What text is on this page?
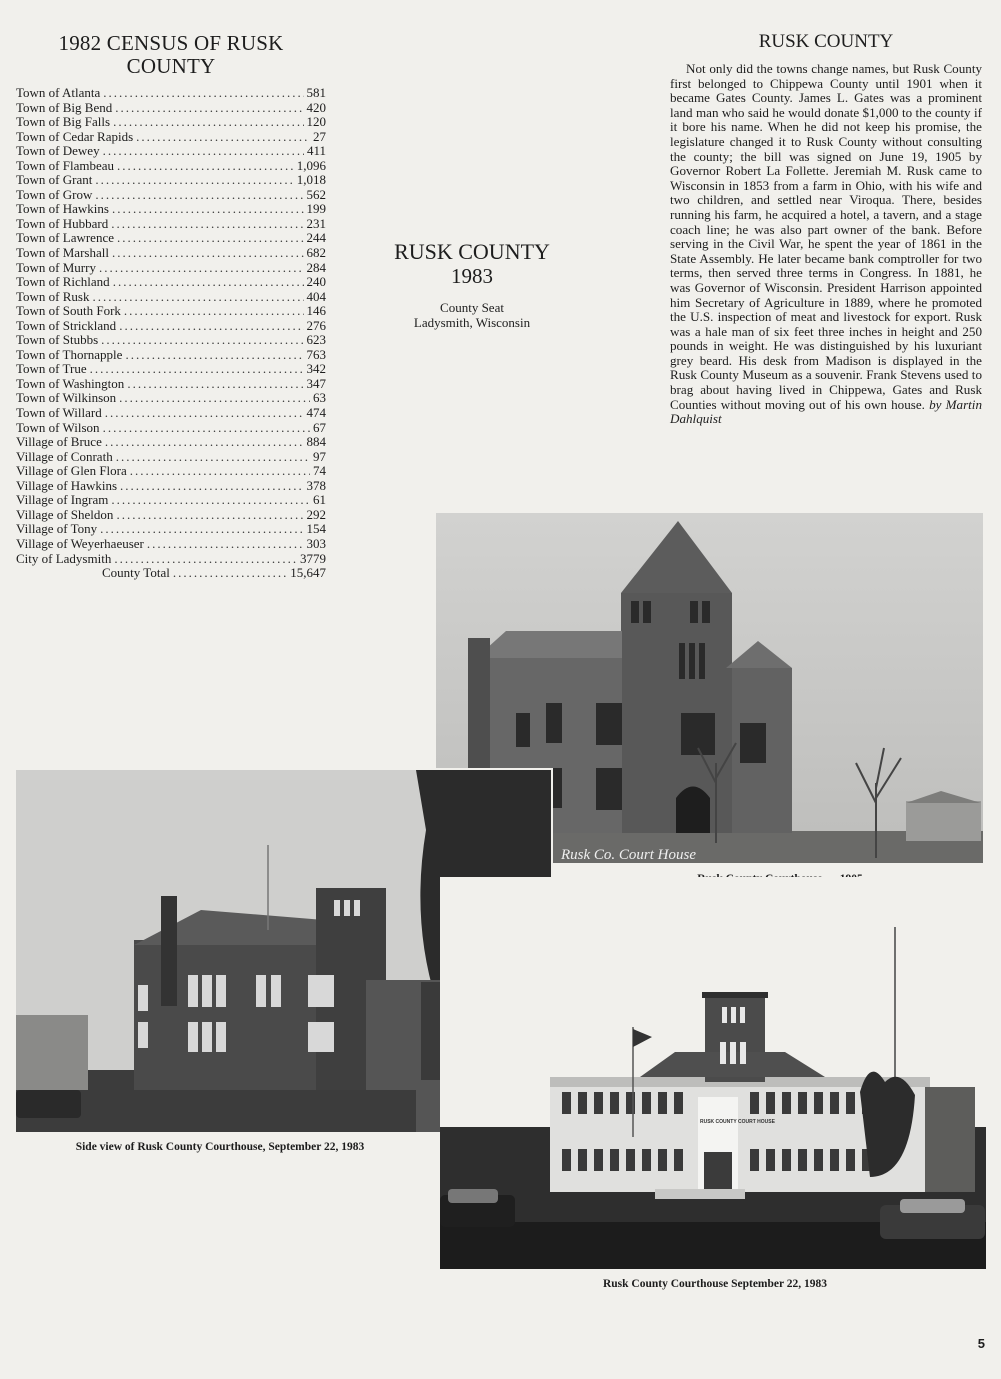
1982 CENSUS OF RUSK COUNTY
Town of Atlanta .....	581
Town of Big Bend .....	420
Town of Big Falls .....	120
Town of Cedar Rapids .....	27
Town of Dewey .....	411
Town of Flambeau .....	1,096
Town of Grant .....	1,018
Town of Grow .....	562
Town of Hawkins .....	199
Town of Hubbard .....	231
Town of Lawrence .....	244
Town of Marshall .....	682
Town of Murry .....	284
Town of Richland .....	240
Town of Rusk .....	404
Town of South Fork .....	146
Town of Strickland .....	276
Town of Stubbs .....	623
Town of Thornapple .....	763
Town of True .....	342
Town of Washington .....	347
Town of Wilkinson .....	63
Town of Willard .....	474
Town of Wilson .....	67
Village of Bruce .....	884
Village of Conrath .....	97
Village of Glen Flora .....	74
Village of Hawkins .....	378
Village of Ingram .....	61
Village of Sheldon .....	292
Village of Tony .....	154
Village of Weyerhaeuser .....	303
City of Ladysmith .....	3779
County Total .....	15,647
RUSK COUNTY
1983
County Seat
Ladysmith, Wisconsin
RUSK COUNTY

Not only did the towns change names, but Rusk County first belonged to Chippewa County until 1901 when it became Gates County. James L. Gates was a prominent land man who said he would donate $1,000 to the county if it bore his name. When he did not keep his promise, the legislature changed it to Rusk County without consulting the county; the bill was signed on June 19, 1905 by Governor Robert La Follette. Jeremiah M. Rusk came to Wisconsin in 1853 from a farm in Ohio, with his wife and two children, and settled near Viroqua. There, besides running his farm, he acquired a hotel, a tavern, and a stage coach line; he was also part owner of the bank. Before serving in the Civil War, he spent the year of 1861 in the State Assembly. He later became bank comptroller for two terms, then served three terms in Congress. In 1881, he was Governor of Wisconsin. President Harrison appointed him Secretary of Agriculture in 1889, where he promoted the U.S. inspection of meat and livestock for export. Rusk was a hale man of six feet three inches in height and 250 pounds in weight. He was distinguished by his luxuriant grey beard. His desk from Madison is displayed in the Rusk County Museum as a souvenir. Frank Stevens used to brag about having lived in Chippewa, Gates and Rusk Counties without moving out of his own house. by Martin Dahlquist

Rusk Co. Court House
Side view of Rusk County Courthouse, September 22, 1983
RUSK COUNTY COURT HOUSE
Rusk County Courthouse September 22, 1983
5
